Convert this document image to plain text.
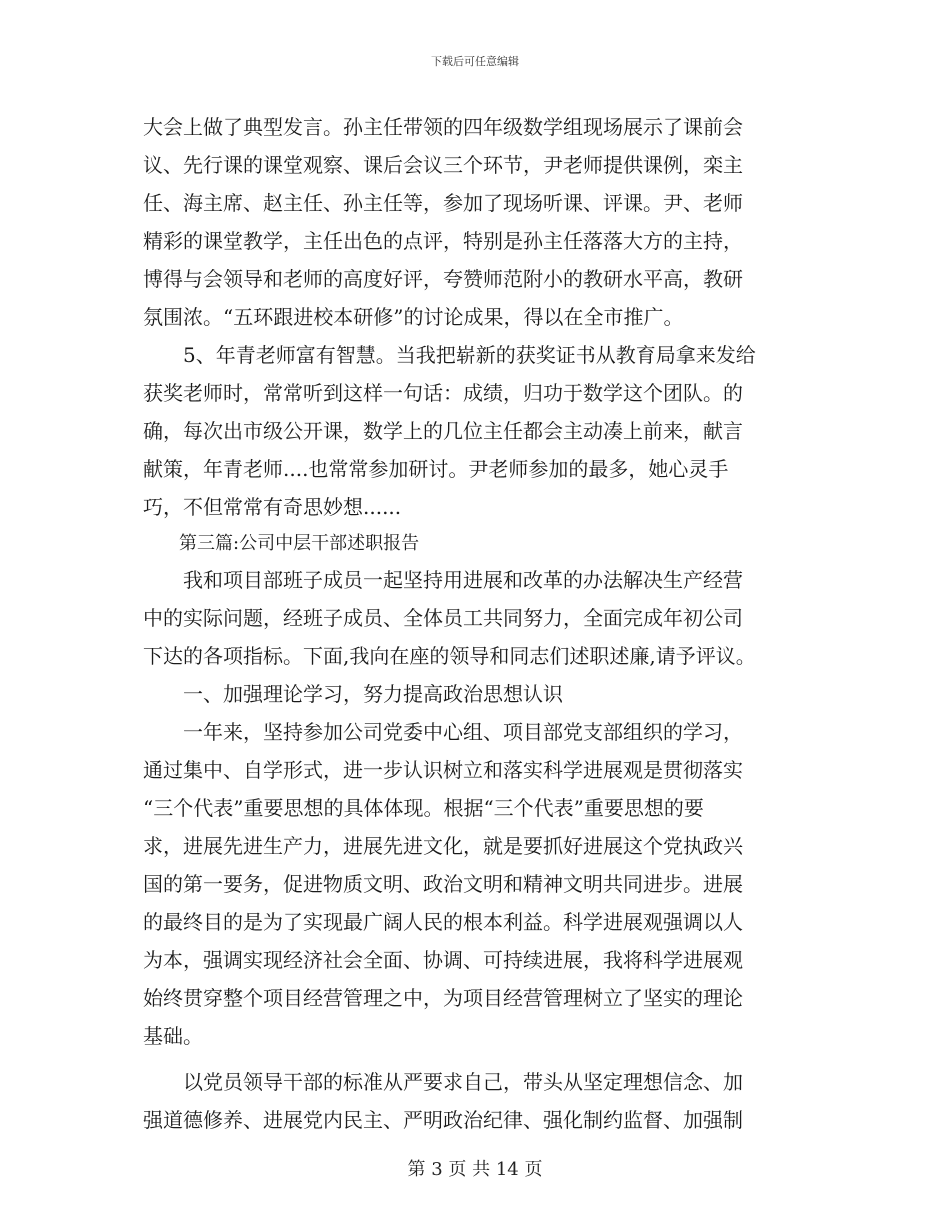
下载后可任意编辑
大会上做了典型发言。孙主任带领的四年级数学组现场展示了课前会
议、先行课的课堂观察、课后会议三个环节，尹老师提供课例，栾主
任、海主席、赵主任、孙主任等，参加了现场听课、评课。尹、老师
精彩的课堂教学，主任出色的点评，特别是孙主任落落大方的主持，
博得与会领导和老师的高度好评，夸赞师范附小的教研水平高，教研
氛围浓。“五环跟进校本研修”的讨论成果，得以在全市推广。
　　5、年青老师富有智慧。当我把崭新的获奖证书从教育局拿来发给
获奖老师时，常常听到这样一句话：成绩，归功于数学这个团队。的
确，每次出市级公开课，数学上的几位主任都会主动凑上前来，献言
献策，年青老师....也常常参加研讨。尹老师参加的最多，她心灵手
巧，不但常常有奇思妙想......
　　第三篇:公司中层干部述职报告
　　我和项目部班子成员一起坚持用进展和改革的办法解决生产经营
中的实际问题，经班子成员、全体员工共同努力，全面完成年初公司
下达的各项指标。下面,我向在座的领导和同志们述职述廉,请予评议。
　　一、加强理论学习，努力提高政治思想认识
　　一年来，坚持参加公司党委中心组、项目部党支部组织的学习，
通过集中、自学形式，进一步认识树立和落实科学进展观是贯彻落实
“三个代表”重要思想的具体体现。根据“三个代表”重要思想的要
求，进展先进生产力，进展先进文化，就是要抓好进展这个党执政兴
国的第一要务，促进物质文明、政治文明和精神文明共同进步。进展
的最终目的是为了实现最广阔人民的根本利益。科学进展观强调以人
为本，强调实现经济社会全面、协调、可持续进展，我将科学进展观
始终贯穿整个项目经营管理之中，为项目经营管理树立了坚实的理论
基础。
　　以党员领导干部的标准从严要求自己，带头从坚定理想信念、加
强道德修养、进展党内民主、严明政治纪律、强化制约监督、加强制
第 3 页 共 14 页
